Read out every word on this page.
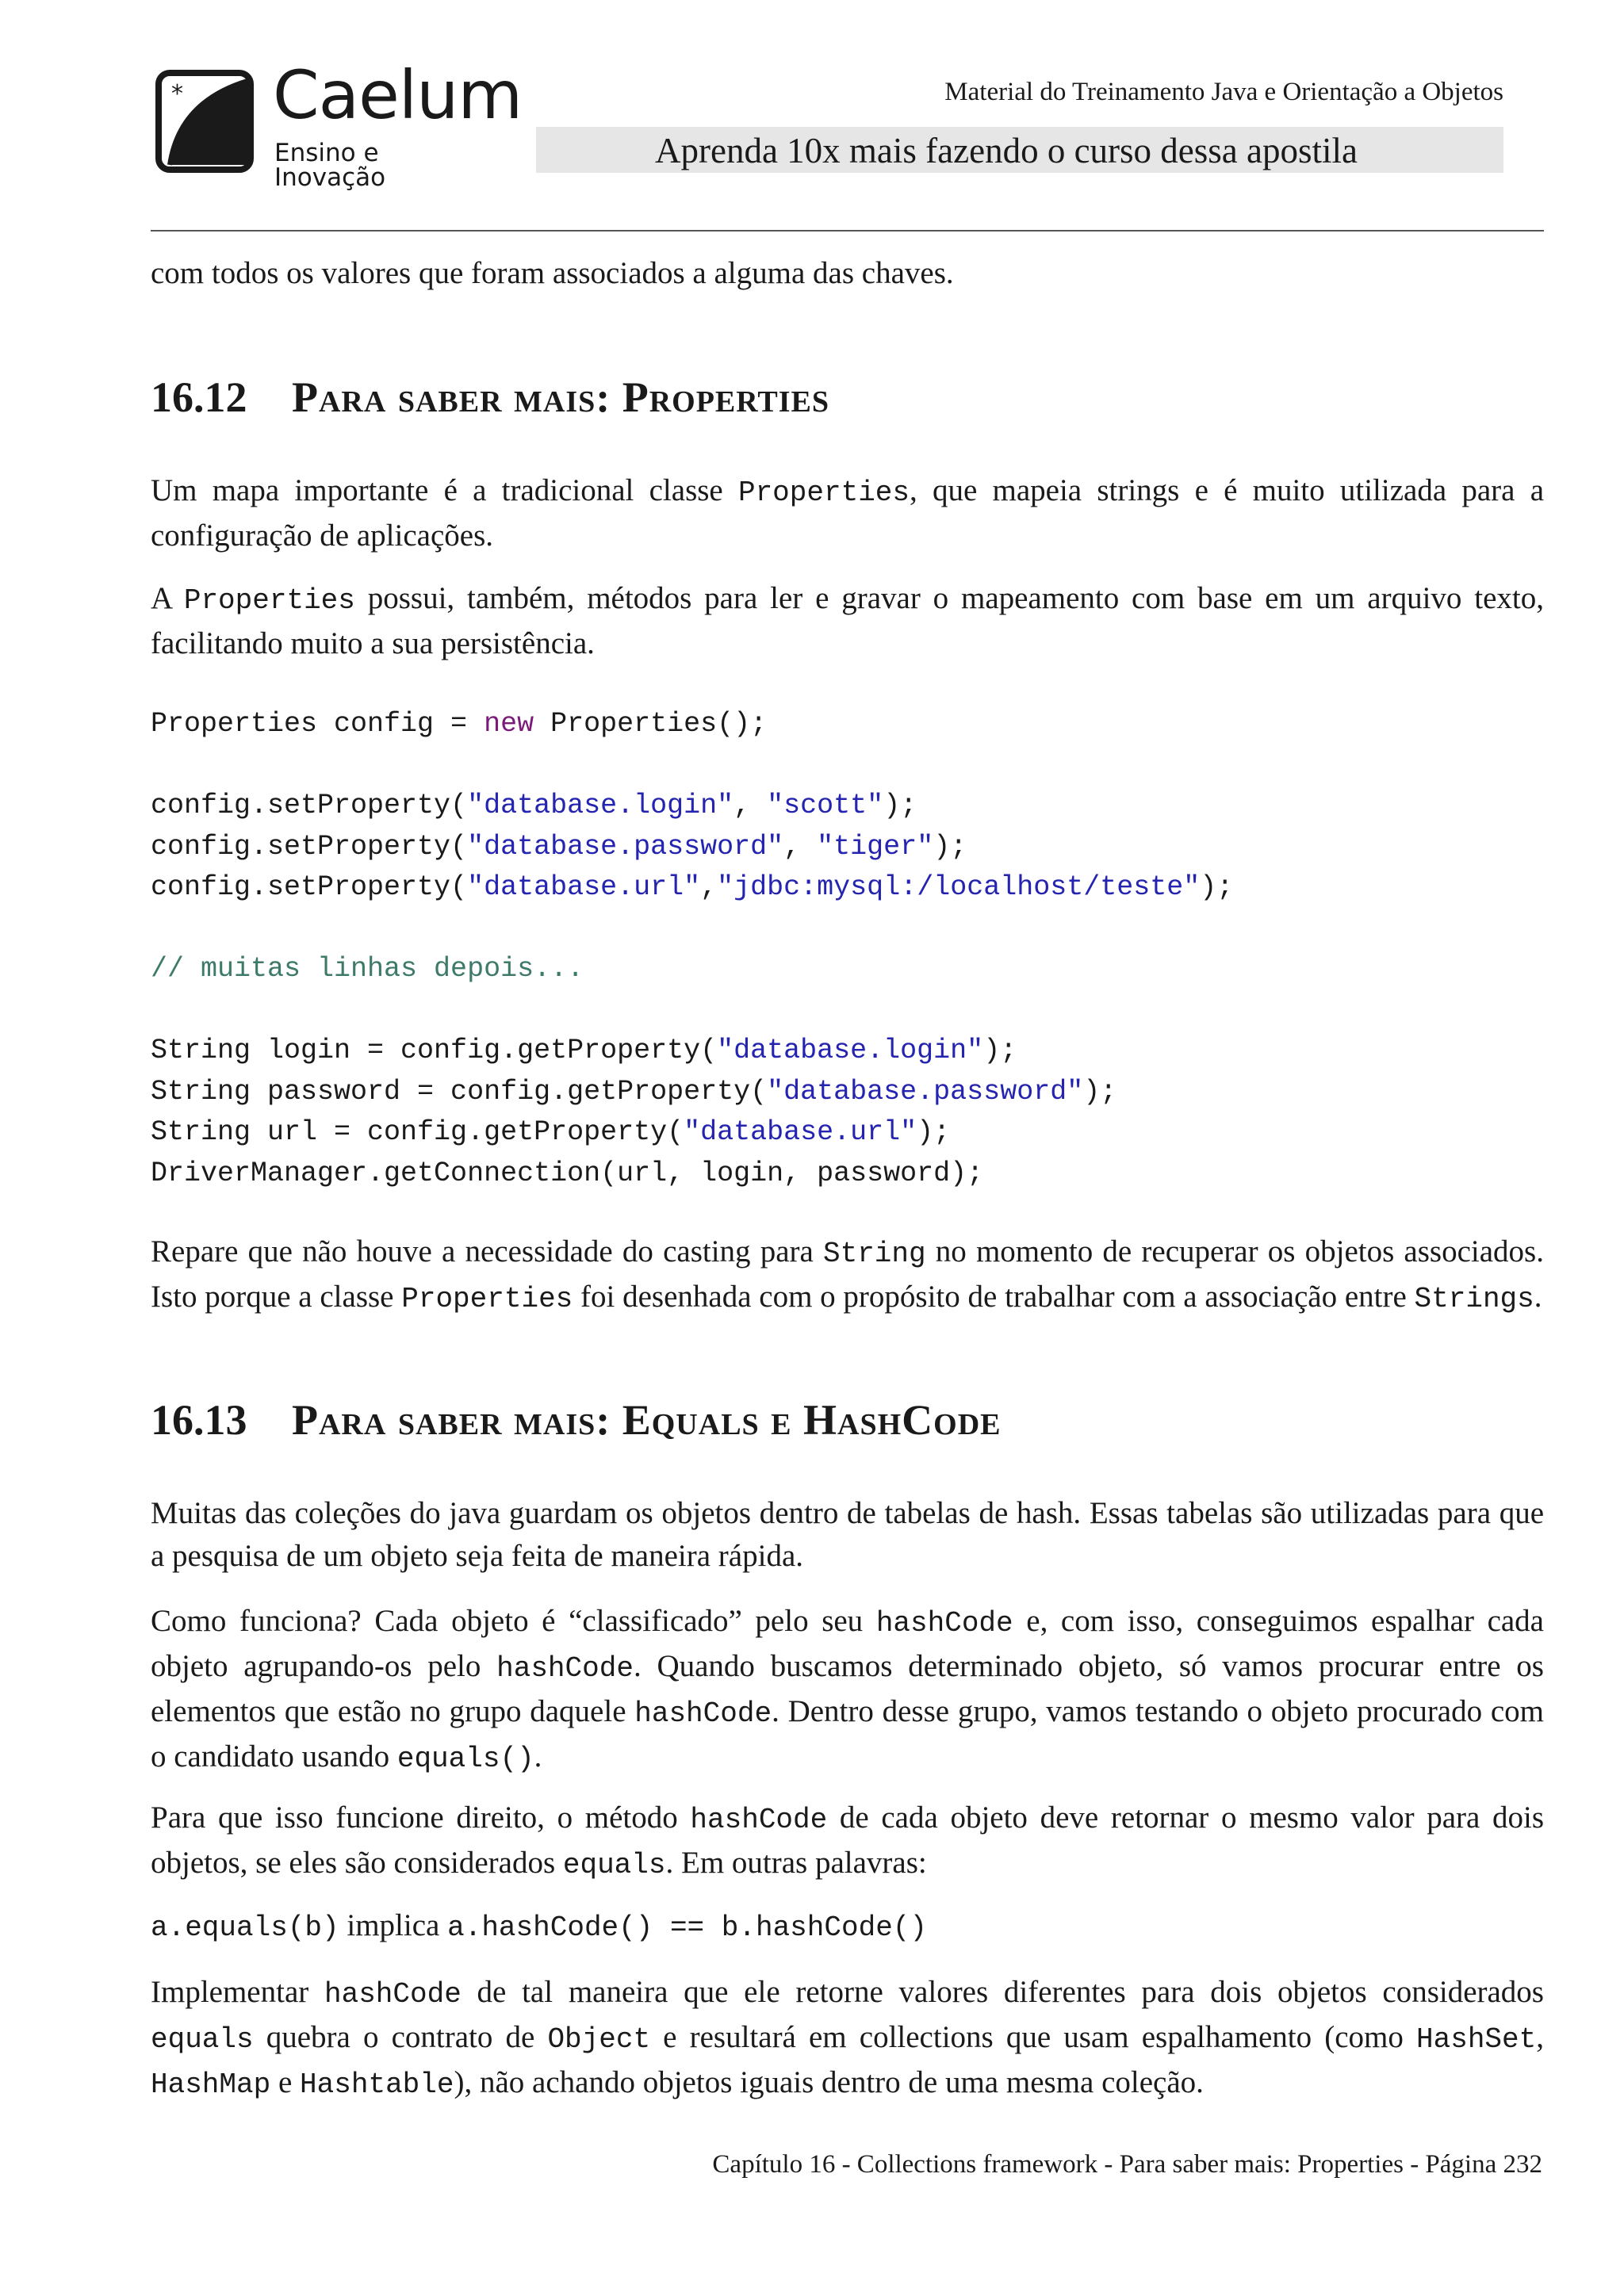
* Caelum
Ensino e Inovação
Material do Treinamento Java e Orientação a Objetos
Aprenda 10x mais fazendo o curso dessa apostila
com todos os valores que foram associados a alguma das chaves.
16.12 Para saber mais: Properties
Um mapa importante é a tradicional classe Properties, que mapeia strings e é muito utilizada para a configuração de aplicações.
A Properties possui, também, métodos para ler e gravar o mapeamento com base em um arquivo texto, facilitando muito a sua persistência.
Properties config = new Properties();

config.setProperty("database.login", "scott");
config.setProperty("database.password", "tiger");
config.setProperty("database.url","jdbc:mysql:/localhost/teste");

// muitas linhas depois...

String login = config.getProperty("database.login");
String password = config.getProperty("database.password");
String url = config.getProperty("database.url");
DriverManager.getConnection(url, login, password);
Repare que não houve a necessidade do casting para String no momento de recuperar os objetos associados. Isto porque a classe Properties foi desenhada com o propósito de trabalhar com a associação entre Strings.
16.13 Para saber mais: Equals e HashCode
Muitas das coleções do java guardam os objetos dentro de tabelas de hash. Essas tabelas são utilizadas para que a pesquisa de um objeto seja feita de maneira rápida.
Como funciona? Cada objeto é “classificado” pelo seu hashCode e, com isso, conseguimos espalhar cada objeto agrupando-os pelo hashCode. Quando buscamos determinado objeto, só vamos procurar entre os elementos que estão no grupo daquele hashCode. Dentro desse grupo, vamos testando o objeto procurado com o candidato usando equals().
Para que isso funcione direito, o método hashCode de cada objeto deve retornar o mesmo valor para dois objetos, se eles são considerados equals. Em outras palavras:
a.equals(b) implica a.hashCode() == b.hashCode()
Implementar hashCode de tal maneira que ele retorne valores diferentes para dois objetos considerados equals quebra o contrato de Object e resultará em collections que usam espalhamento (como HashSet, HashMap e Hashtable), não achando objetos iguais dentro de uma mesma coleção.
Capítulo 16 - Collections framework - Para saber mais: Properties - Página 232
